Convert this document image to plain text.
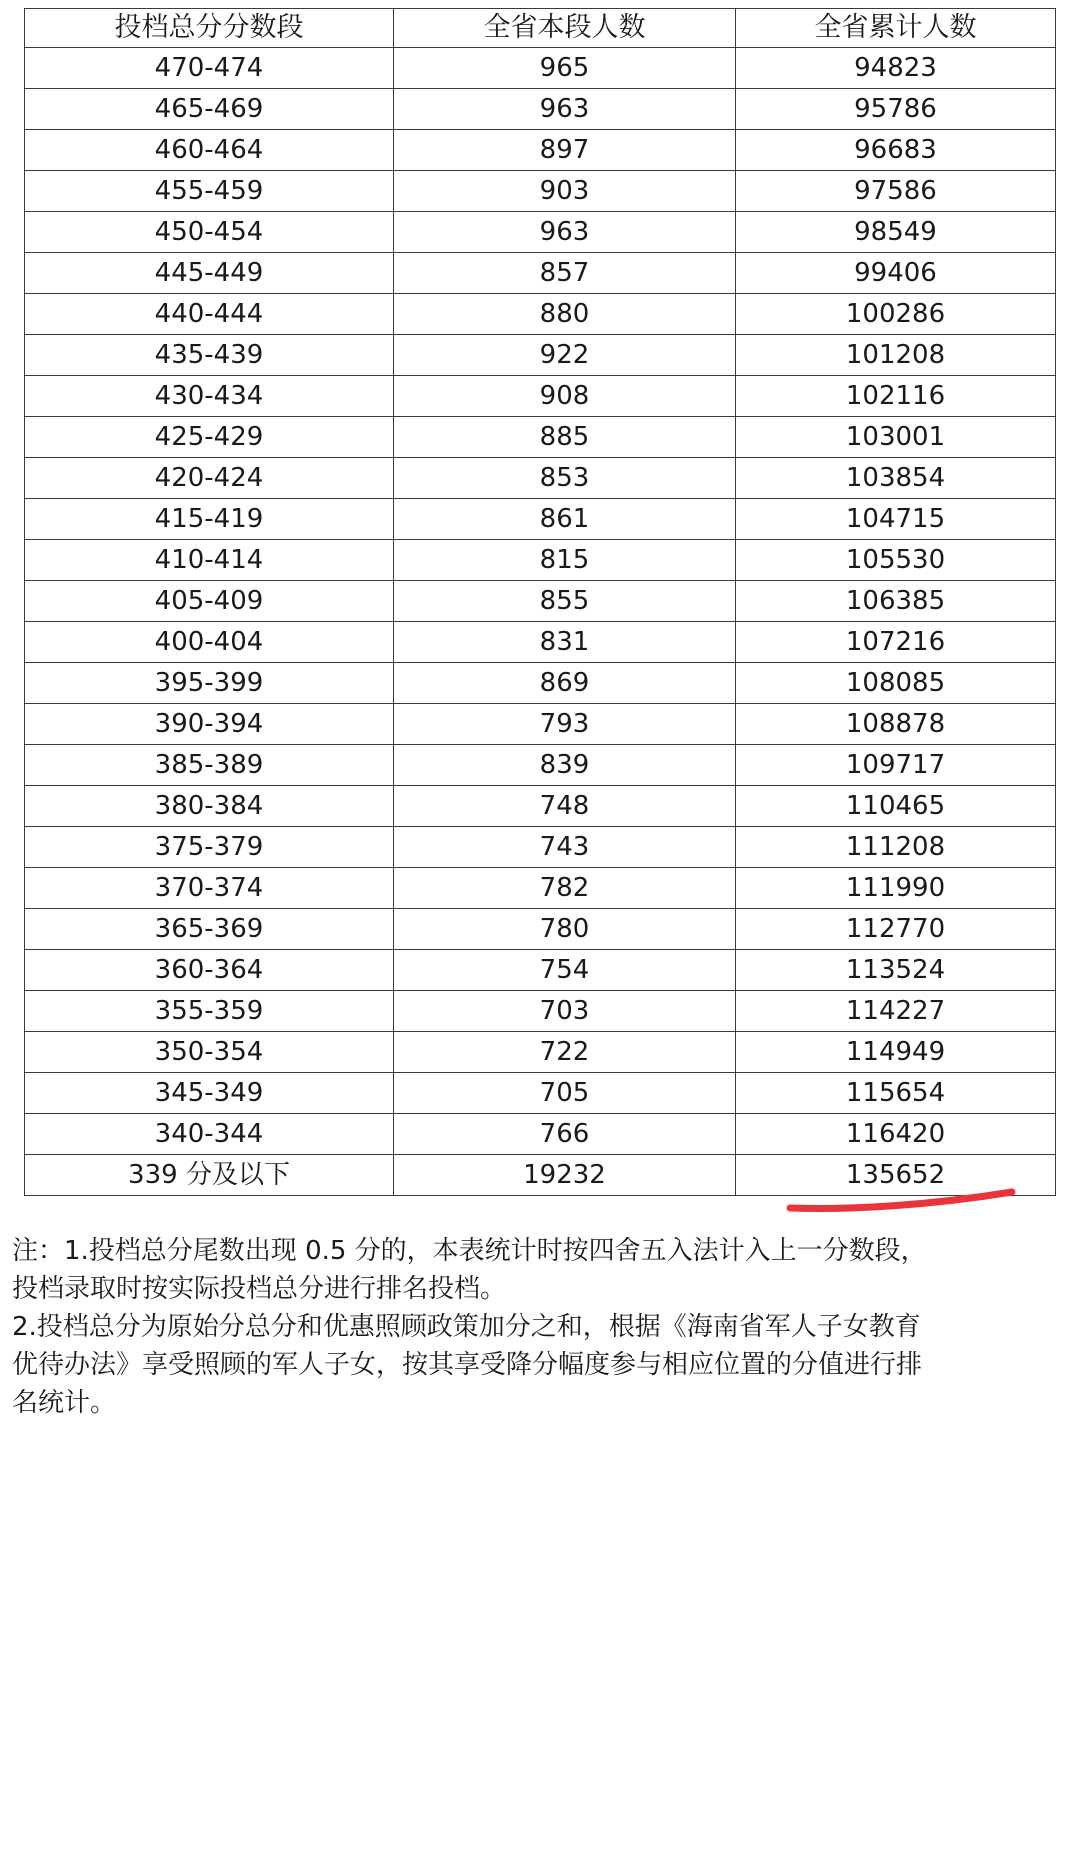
投档总分分数段	全省本段人数	全省累计人数
470-474	965	94823
465-469	963	95786
460-464	897	96683
455-459	903	97586
450-454	963	98549
445-449	857	99406
440-444	880	100286
435-439	922	101208
430-434	908	102116
425-429	885	103001
420-424	853	103854
415-419	861	104715
410-414	815	105530
405-409	855	106385
400-404	831	107216
395-399	869	108085
390-394	793	108878
385-389	839	109717
380-384	748	110465
375-379	743	111208
370-374	782	111990
365-369	780	112770
360-364	754	113524
355-359	703	114227
350-354	722	114949
345-349	705	115654
340-344	766	116420
339 分及以下	19232	135652

注：1.投档总分尾数出现 0.5 分的，本表统计时按四舍五入法计入上一分数段，

投档录取时按实际投档总分进行排名投档。

2.投档总分为原始分总分和优惠照顾政策加分之和，根据《海南省军人子女教育

优待办法》享受照顾的军人子女，按其享受降分幅度参与相应位置的分值进行排

名统计。
